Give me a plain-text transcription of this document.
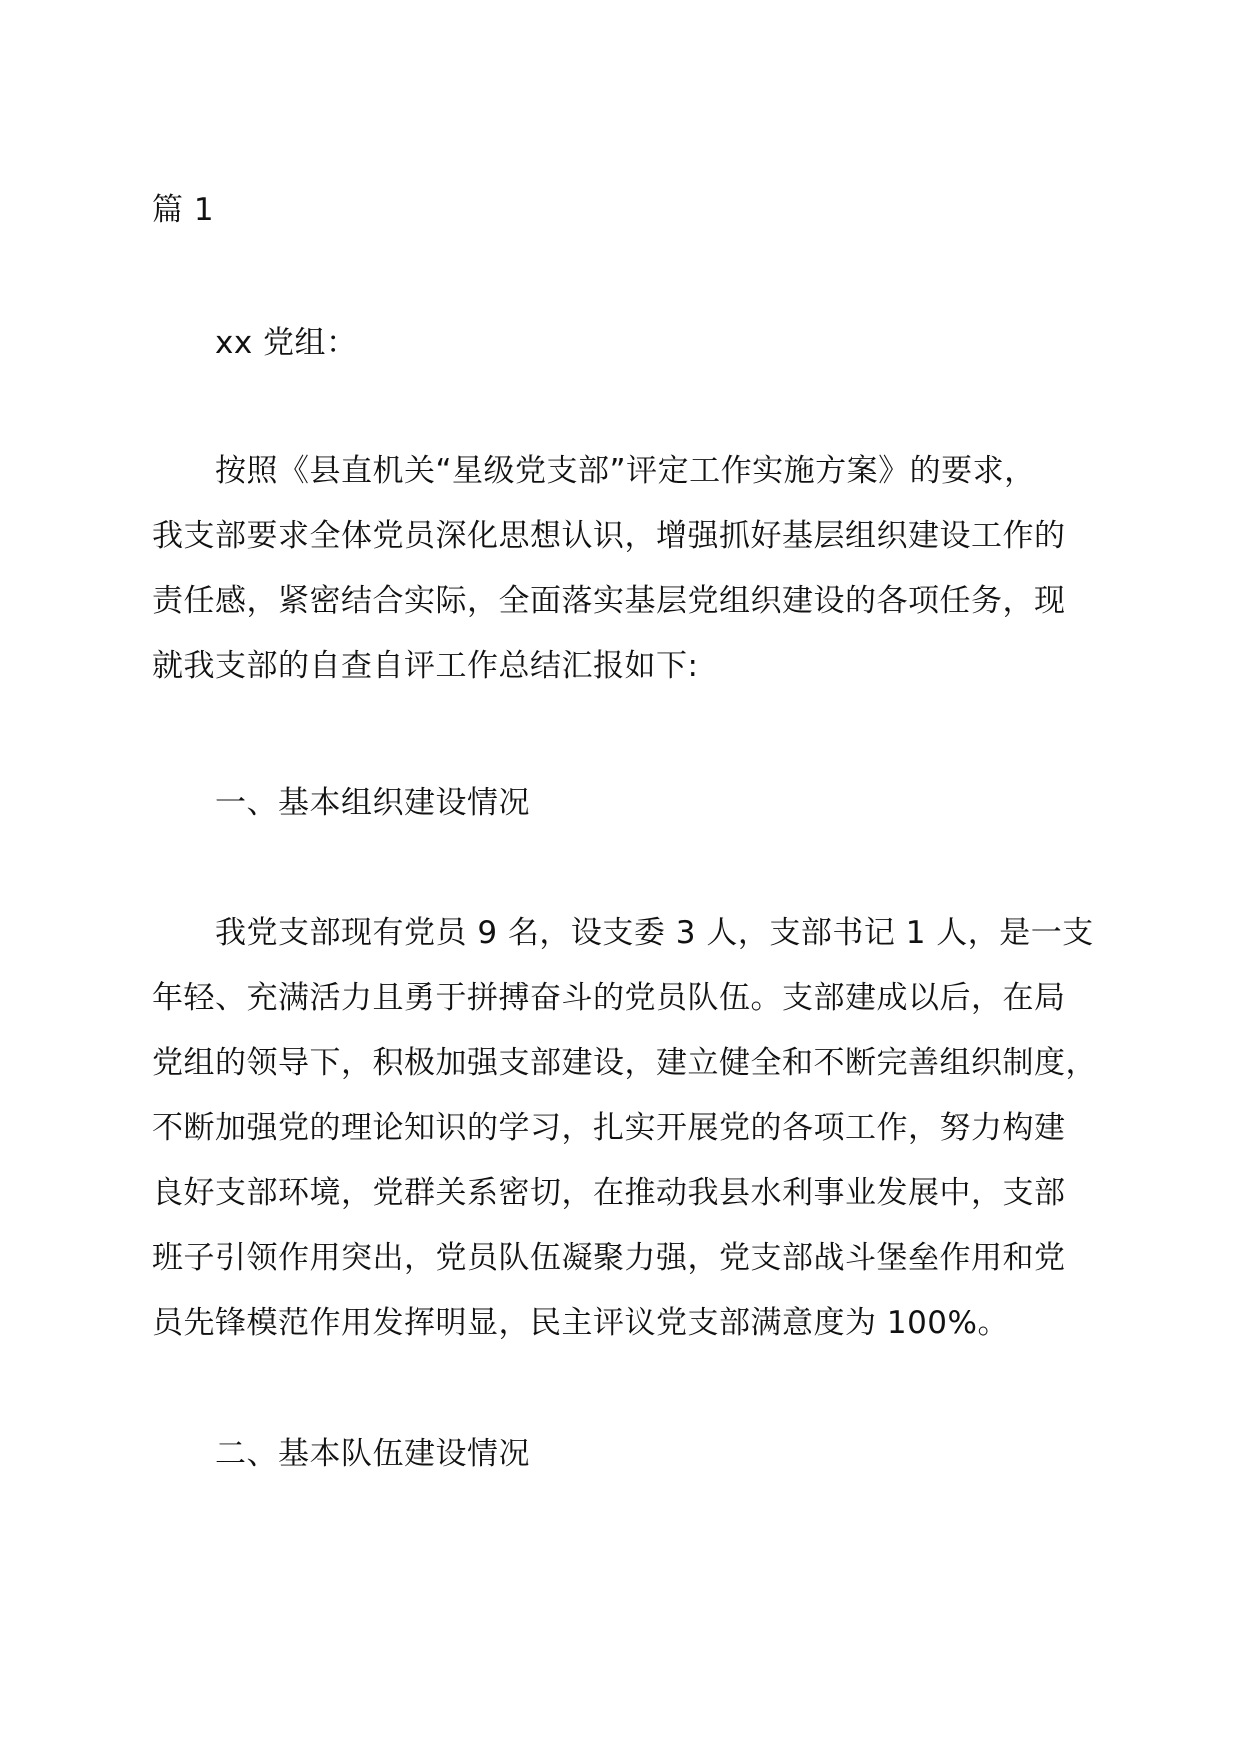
篇 1
xx 党组：
按照《县直机关“星级党支部”评定工作实施方案》的要求，
我支部要求全体党员深化思想认识，增强抓好基层组织建设工作的
责任感，紧密结合实际，全面落实基层党组织建设的各项任务，现
就我支部的自查自评工作总结汇报如下:
一、基本组织建设情况
我党支部现有党员 9 名，设支委 3 人，支部书记 1 人，是一支
年轻、充满活力且勇于拼搏奋斗的党员队伍。支部建成以后，在局
党组的领导下，积极加强支部建设，建立健全和不断完善组织制度，
不断加强党的理论知识的学习，扎实开展党的各项工作，努力构建
良好支部环境，党群关系密切，在推动我县水利事业发展中，支部
班子引领作用突出，党员队伍凝聚力强，党支部战斗堡垒作用和党
员先锋模范作用发挥明显，民主评议党支部满意度为 100%。
二、基本队伍建设情况
